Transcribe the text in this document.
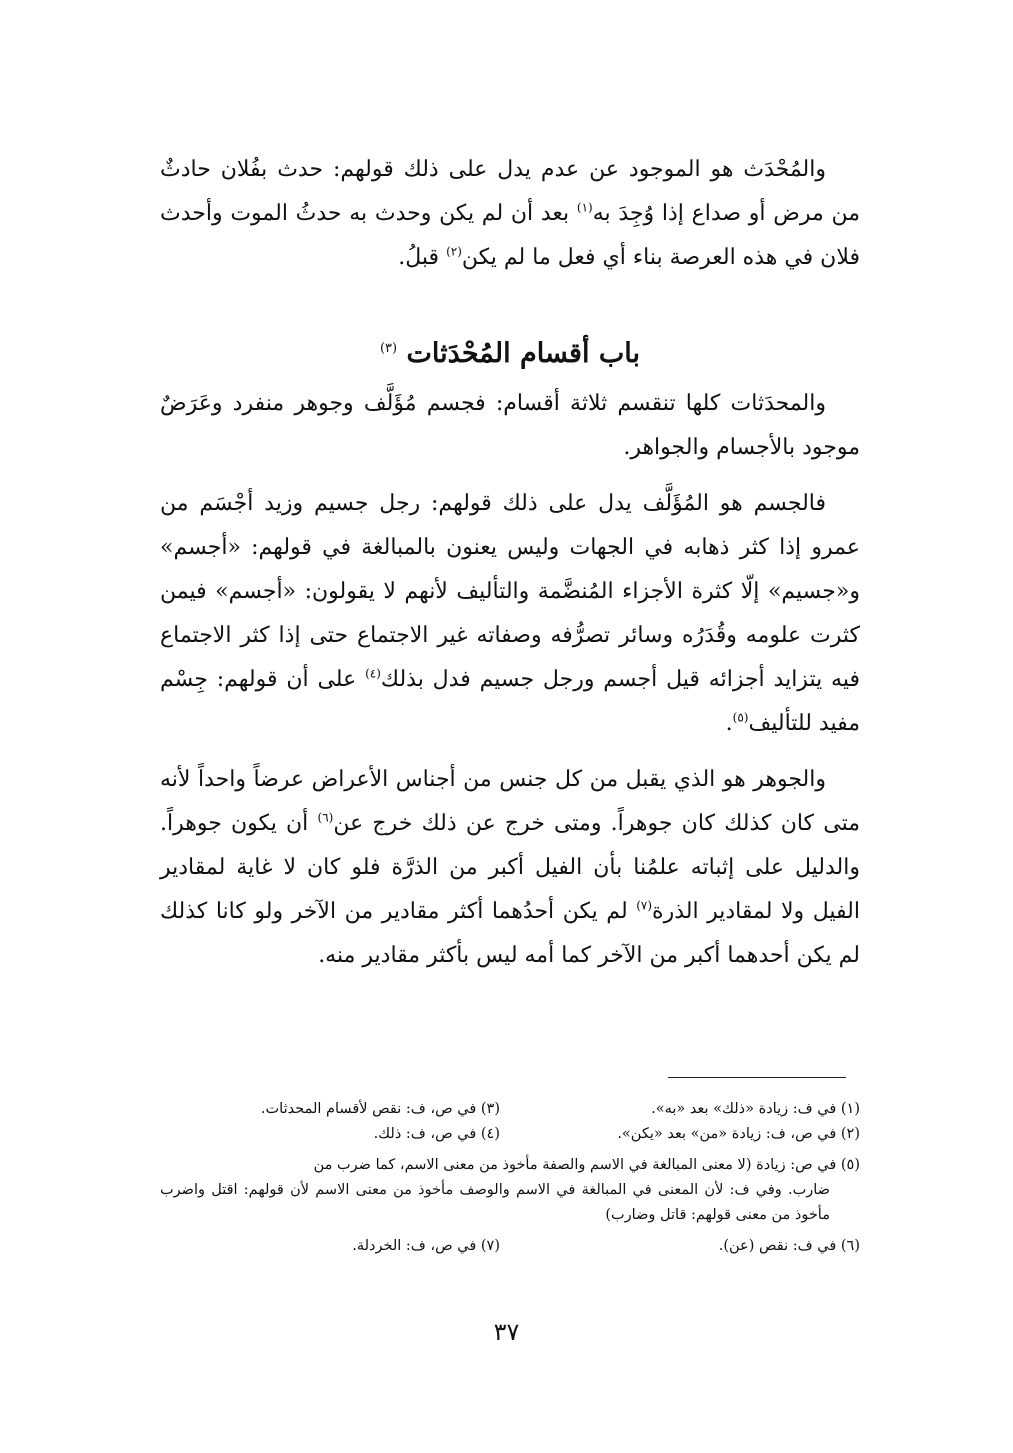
والمُحْدَث هو الموجود عن عدم يدل على ذلك قولهم: حدث بفُلان حادثٌ من مرض أو صداع إذا وُجِدَ به$^{(١)}$ بعد أن لم يكن وحدث به حدثُ الموت وأحدث فلان في هذه العرصة بناء أي فعل ما لم يكن$^{(٢)}$ قبلُ.

باب أقسام المُحْدَثات $^{(٣)}$

والمحدَثات كلها تنقسم ثلاثة أقسام: فجسم مُؤَلَّف وجوهر منفرد وعَرَضٌ موجود بالأجسام والجواهر.

فالجسم هو المُؤَلَّف يدل على ذلك قولهم: رجل جسيم وزيد أجْسَم من عمرو إذا كثر ذهابه في الجهات وليس يعنون بالمبالغة في قولهم: «أجسم» و«جسيم» إلّا كثرة الأجزاء المُنضَّمة والتأليف لأنهم لا يقولون: «أجسم» فيمن كثرت علومه وقُدَرُه وسائر تصرُّفه وصفاته غير الاجتماع حتى إذا كثر الاجتماع فيه يتزايد أجزائه قيل أجسم ورجل جسيم فدل بذلك$^{(٤)}$ على أن قولهم: جِسْم مفيد للتأليف$^{(٥)}$.

والجوهر هو الذي يقبل من كل جنس من أجناس الأعراض عرضاً واحداً لأنه متى كان كذلك كان جوهراً. ومتى خرج عن ذلك خرج عن$^{(٦)}$ أن يكون جوهراً. والدليل على إثباته علمُنا بأن الفيل أكبر من الذرَّة فلو كان لا غاية لمقادير الفيل ولا لمقادير الذرة$^{(٧)}$ لم يكن أحدُهما أكثر مقادير من الآخر ولو كانا كذلك لم يكن أحدهما أكبر من الآخر كما أمه ليس بأكثر مقادير منه.

(١) في ف: زيادة «ذلك» بعد «به».
(٣) في ص، ف: نقص لأقسام المحدثات.
(٢) في ص، ف: زيادة «من» بعد «يكن».
(٤) في ص، ف: ذلك.
(٥) في ص: زيادة (لا معنى المبالغة في الاسم والصفة مأخوذ من معنى الاسم، كما ضرب من
ضارب. وفي ف: لأن المعنى في المبالغة في الاسم والوصف مأخوذ من معنى الاسم لأن قولهم: اقتل واضرب مأخوذ من معنى قولهم: قاتل وضارب)
(٦) في ف: نقص (عن).
(٧) في ص، ف: الخردلة.
٣٧
